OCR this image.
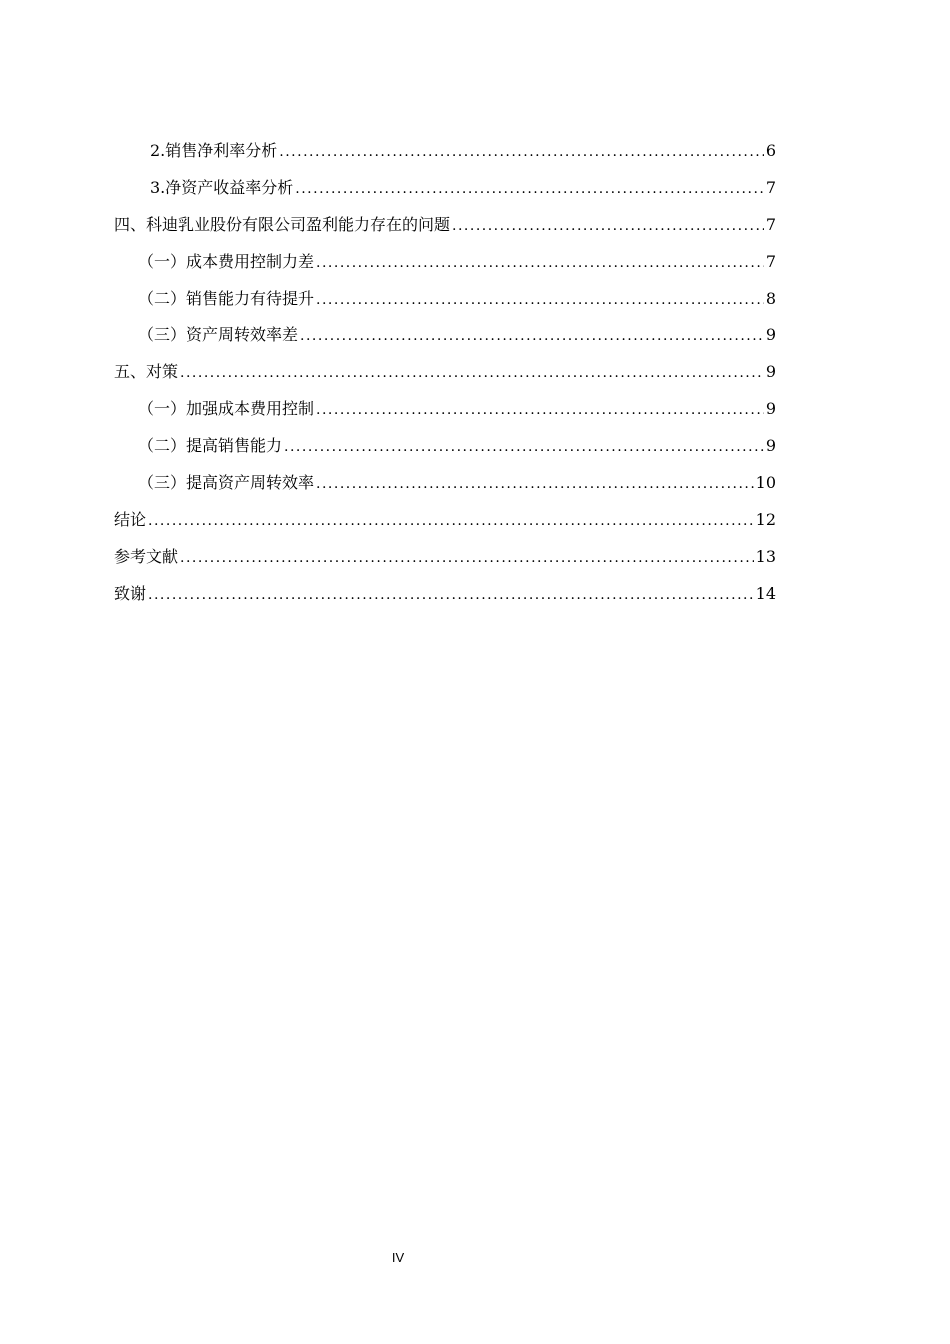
2.销售净利率分析 .....	6
3.净资产收益率分析 .....	7
四、科迪乳业股份有限公司盈利能力存在的问题 .....	7
（一）成本费用控制力差 .....	7
（二）销售能力有待提升 .....	8
（三）资产周转效率差 .....	9
五、对策 .....	9
（一）加强成本费用控制 .....	9
（二）提高销售能力 .....	9
（三）提高资产周转效率 .....	10
结论 .....	12
参考文献 .....	13
致谢 .....	14
IV
